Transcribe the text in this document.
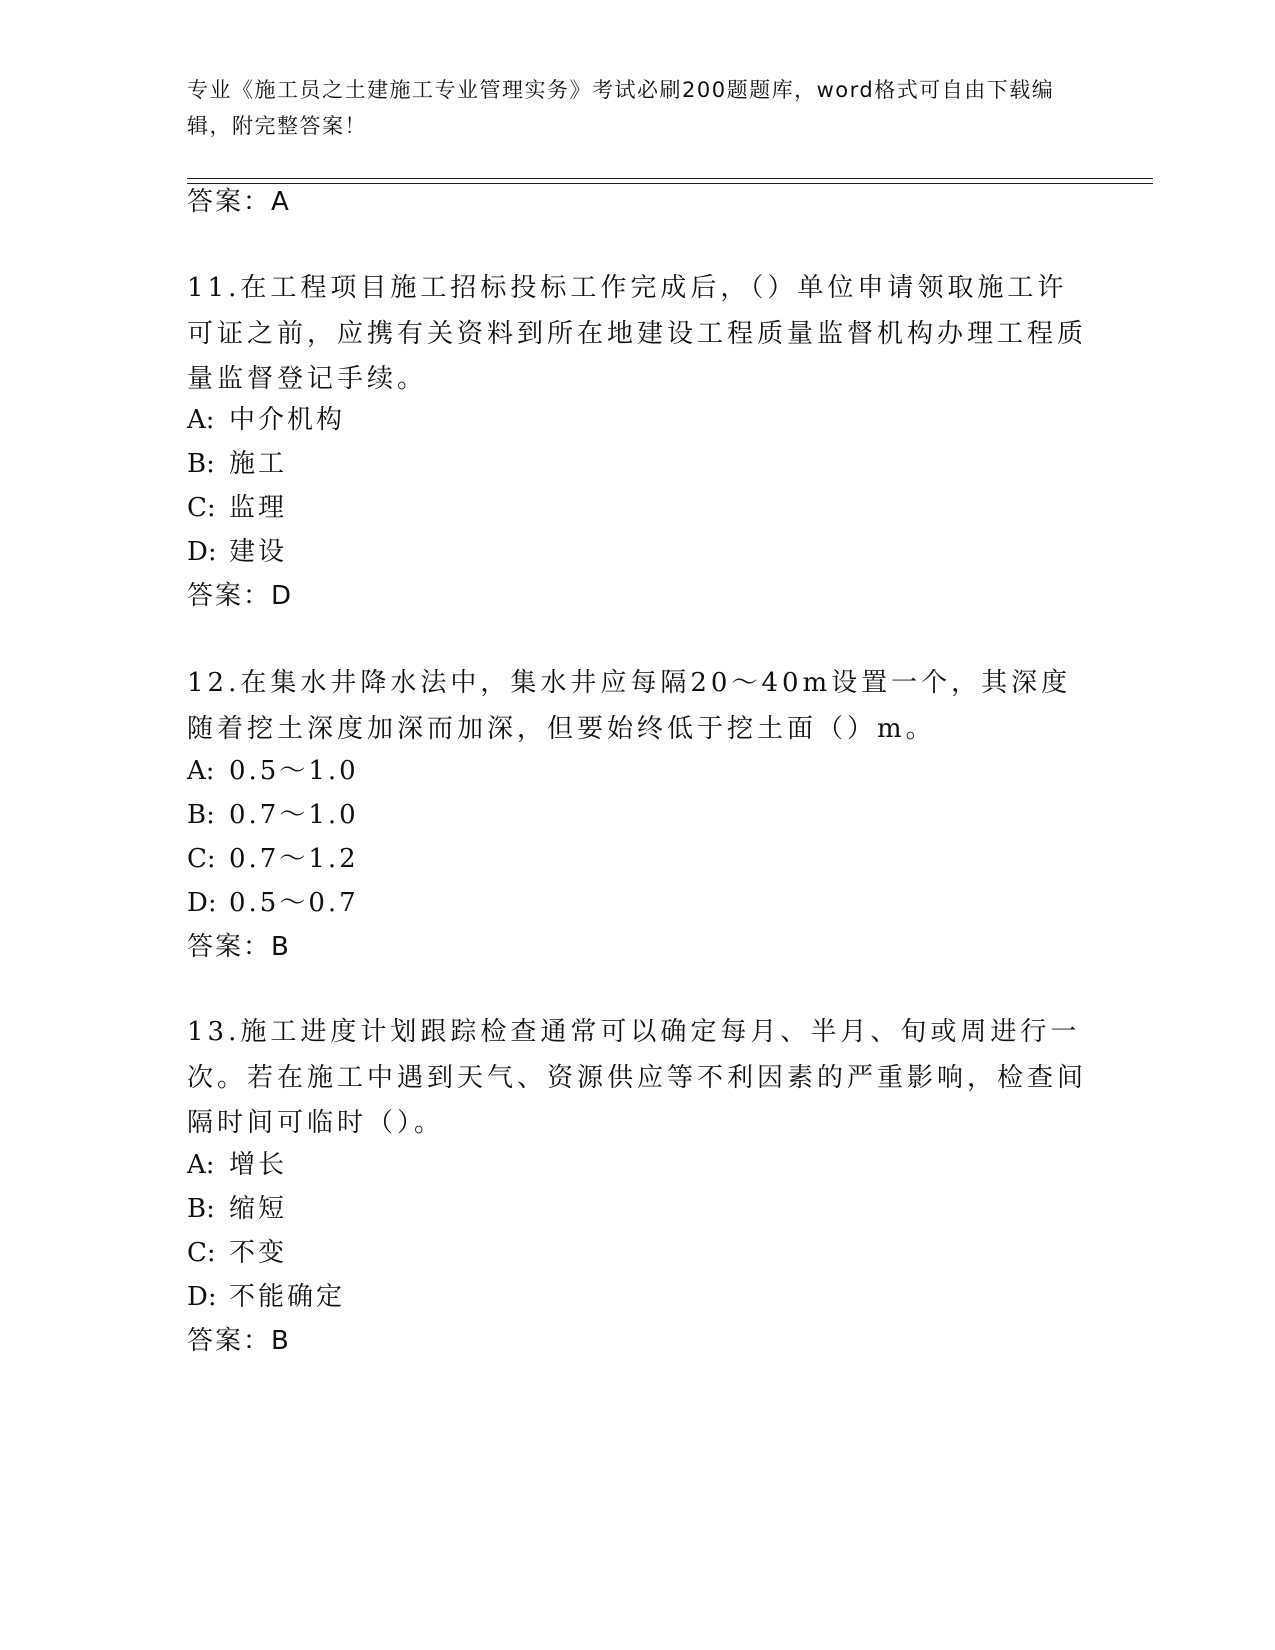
专业《施工员之土建施工专业管理实务》考试必刷200题题库，word格式可自由下载编辑，附完整答案！
答案：A
11.在工程项目施工招标投标工作完成后，（）单位申请领取施工许可证之前，应携有关资料到所在地建设工程质量监督机构办理工程质量监督登记手续。
A: 中介机构
B: 施工
C: 监理
D: 建设
答案：D
12.在集水井降水法中，集水井应每隔20～40m设置一个，其深度随着挖土深度加深而加深，但要始终低于挖土面（）m。
A: 0.5～1.0
B: 0.7～1.0
C: 0.7～1.2
D: 0.5～0.7
答案：B
13.施工进度计划跟踪检查通常可以确定每月、半月、旬或周进行一次。若在施工中遇到天气、资源供应等不利因素的严重影响，检查间隔时间可临时（）。
A: 增长
B: 缩短
C: 不变
D: 不能确定
答案：B
